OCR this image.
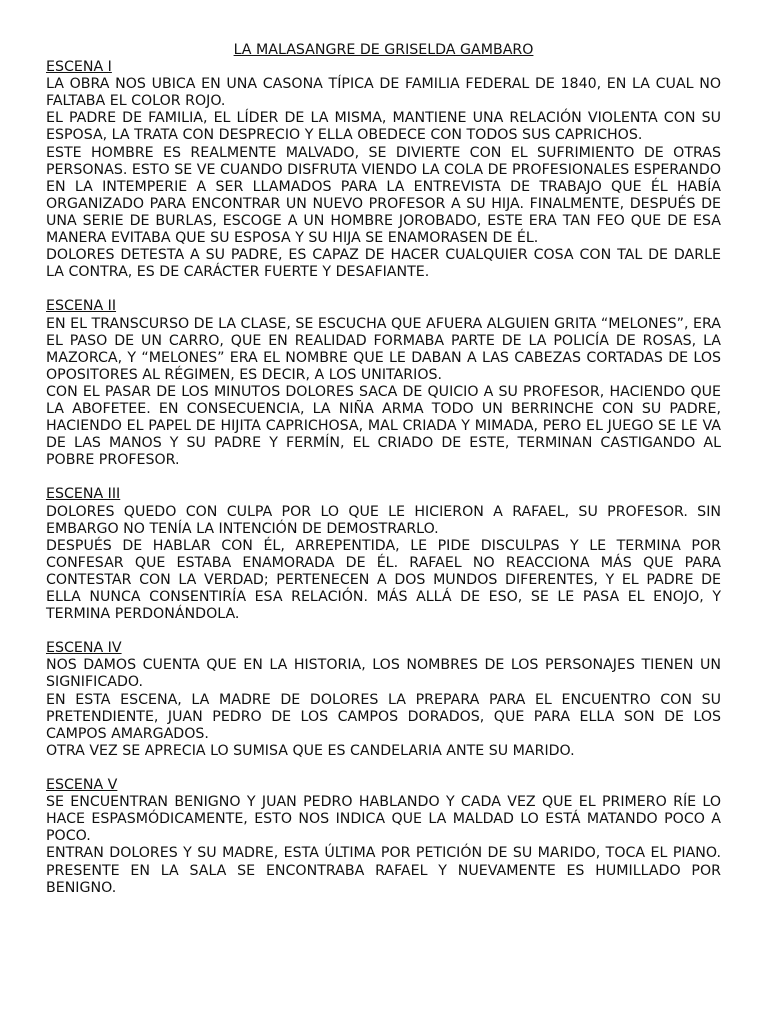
LA MALASANGRE DE GRISELDA GAMBARO

ESCENA I

LA OBRA NOS UBICA EN UNA CASONA TÍPICA DE FAMILIA FEDERAL DE 1840, EN LA CUAL NO FALTABA EL COLOR ROJO.

EL PADRE DE FAMILIA, EL LÍDER DE LA MISMA, MANTIENE UNA RELACIÓN VIOLENTA CON SU ESPOSA, LA TRATA CON DESPRECIO Y ELLA OBEDECE CON TODOS SUS CAPRICHOS.

ESTE HOMBRE ES REALMENTE MALVADO, SE DIVIERTE CON EL SUFRIMIENTO DE OTRAS PERSONAS. ESTO SE VE CUANDO DISFRUTA VIENDO LA COLA DE PROFESIONALES ESPERANDO EN LA INTEMPERIE A SER LLAMADOS PARA LA ENTREVISTA DE TRABAJO QUE ÉL HABÍA ORGANIZADO PARA ENCONTRAR UN NUEVO PROFESOR A SU HIJA. FINALMENTE, DESPUÉS DE UNA SERIE DE BURLAS, ESCOGE A UN HOMBRE JOROBADO, ESTE ERA TAN FEO QUE DE ESA MANERA EVITABA QUE SU ESPOSA Y SU HIJA SE ENAMORASEN DE ÉL.

DOLORES DETESTA A SU PADRE, ES CAPAZ DE HACER CUALQUIER COSA CON TAL DE DARLE LA CONTRA, ES DE CARÁCTER FUERTE Y DESAFIANTE.

ESCENA II

EN EL TRANSCURSO DE LA CLASE, SE ESCUCHA QUE AFUERA ALGUIEN GRITA “MELONES”, ERA EL PASO DE UN CARRO, QUE EN REALIDAD FORMABA PARTE DE LA POLICÍA DE ROSAS, LA MAZORCA, Y “MELONES” ERA EL NOMBRE QUE LE DABAN A LAS CABEZAS CORTADAS DE LOS OPOSITORES AL RÉGIMEN, ES DECIR, A LOS UNITARIOS.

CON EL PASAR DE LOS MINUTOS DOLORES SACA DE QUICIO A SU PROFESOR, HACIENDO QUE LA ABOFETEE. EN CONSECUENCIA, LA NIÑA ARMA TODO UN BERRINCHE CON SU PADRE, HACIENDO EL PAPEL DE HIJITA CAPRICHOSA, MAL CRIADA Y MIMADA, PERO EL JUEGO SE LE VA DE LAS MANOS Y SU PADRE Y FERMÍN, EL CRIADO DE ESTE, TERMINAN CASTIGANDO AL POBRE PROFESOR.

ESCENA III

DOLORES QUEDO CON CULPA POR LO QUE LE HICIERON A RAFAEL, SU PROFESOR. SIN EMBARGO NO TENÍA LA INTENCIÓN DE DEMOSTRARLO.

DESPUÉS DE HABLAR CON ÉL, ARREPENTIDA, LE PIDE DISCULPAS Y LE TERMINA POR CONFESAR QUE ESTABA ENAMORADA DE ÉL. RAFAEL NO REACCIONA MÁS QUE PARA CONTESTAR CON LA VERDAD; PERTENECEN A DOS MUNDOS DIFERENTES, Y EL PADRE DE ELLA NUNCA CONSENTIRÍA ESA RELACIÓN. MÁS ALLÁ DE ESO, SE LE PASA EL ENOJO, Y TERMINA PERDONÁNDOLA.

ESCENA IV

NOS DAMOS CUENTA QUE EN LA HISTORIA, LOS NOMBRES DE LOS PERSONAJES TIENEN UN SIGNIFICADO.

EN ESTA ESCENA, LA MADRE DE DOLORES LA PREPARA PARA EL ENCUENTRO CON SU PRETENDIENTE, JUAN PEDRO DE LOS CAMPOS DORADOS, QUE PARA ELLA SON DE LOS CAMPOS AMARGADOS.

OTRA VEZ SE APRECIA LO SUMISA QUE ES CANDELARIA ANTE SU MARIDO.

ESCENA V

SE ENCUENTRAN BENIGNO Y JUAN PEDRO HABLANDO Y CADA VEZ QUE EL PRIMERO RÍE LO HACE ESPASMÓDICAMENTE, ESTO NOS INDICA QUE LA MALDAD LO ESTÁ MATANDO POCO A POCO.

ENTRAN DOLORES Y SU MADRE, ESTA ÚLTIMA POR PETICIÓN DE SU MARIDO, TOCA EL PIANO. PRESENTE EN LA SALA SE ENCONTRABA RAFAEL Y NUEVAMENTE ES HUMILLADO POR BENIGNO.
